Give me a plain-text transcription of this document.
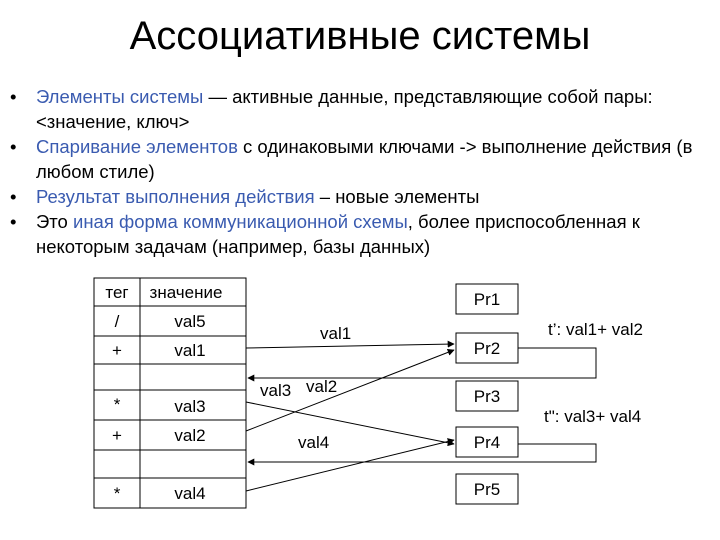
Ассоциативные системы
• Элементы системы — активные данные, представляющие собой пары: <значение, ключ>
• Спаривание элементов с одинаковыми ключами -> выполнение действия (в любом стиле)
• Результат выполнения действия – новые элементы
• Это иная форма коммуникационной схемы, более приспособленная к некоторым задачам (например, базы данных)
тег значение
/	val5
+	val1
*	val3
+	val2
*	val4
Pr1
Pr2
Pr3
Pr4
Pr5
val1
val3 val2
val4
t’: val1+ val2
t": val3+ val4
